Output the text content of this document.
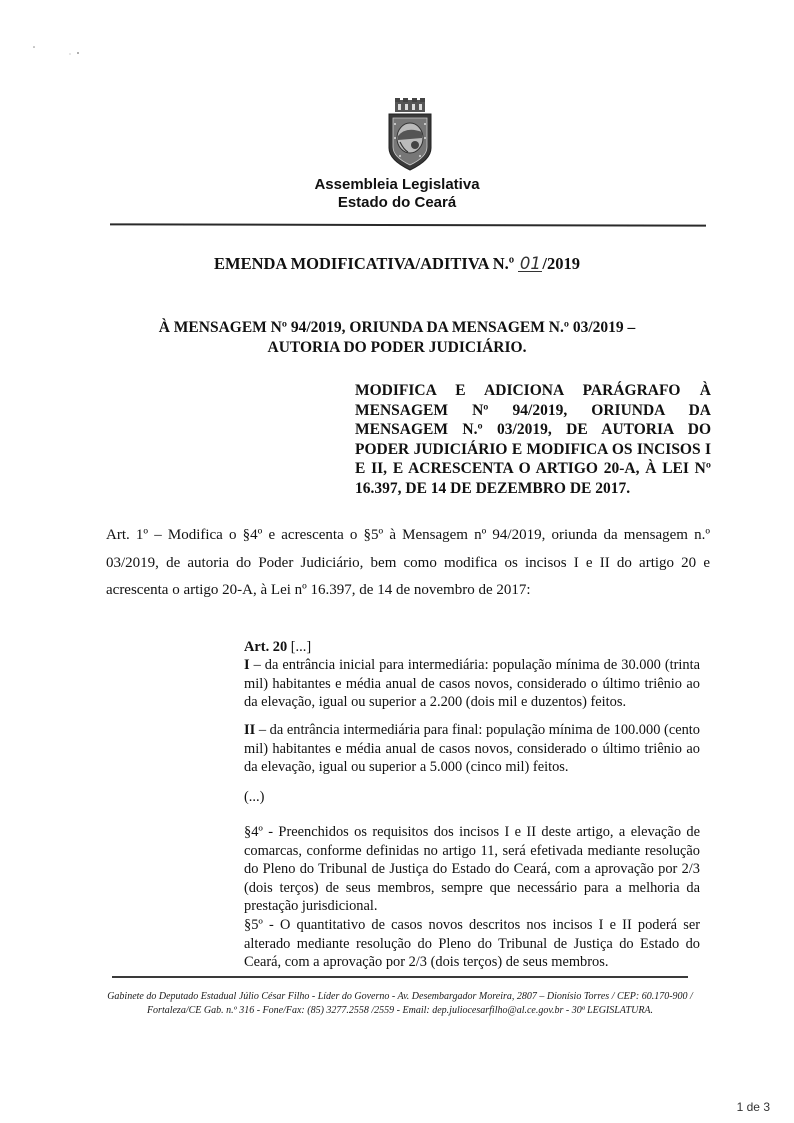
Assembleia Legislativa
Estado do Ceará
EMENDA MODIFICATIVA/ADITIVA N.º 01/2019
À MENSAGEM Nº 94/2019, ORIUNDA DA MENSAGEM N.º 03/2019 –
AUTORIA DO PODER JUDICIÁRIO.
MODIFICA E ADICIONA PARÁGRAFO À MENSAGEM Nº 94/2019, ORIUNDA DA MENSAGEM N.º 03/2019, DE AUTORIA DO PODER JUDICIÁRIO E MODIFICA OS INCISOS I E II, E ACRESCENTA O ARTIGO 20-A, À LEI Nº 16.397, DE 14 DE DEZEMBRO DE 2017.
Art. 1º – Modifica o §4º e acrescenta o §5º à Mensagem nº 94/2019, oriunda da mensagem n.º 03/2019, de autoria do Poder Judiciário, bem como modifica os incisos I e II do artigo 20 e acrescenta o artigo 20-A, à Lei nº 16.397, de 14 de novembro de 2017:
Art. 20 [...]
I – da entrância inicial para intermediária: população mínima de 30.000 (trinta mil) habitantes e média anual de casos novos, considerado o último triênio ao da elevação, igual ou superior a 2.200 (dois mil e duzentos) feitos.
II – da entrância intermediária para final: população mínima de 100.000 (cento mil) habitantes e média anual de casos novos, considerado o último triênio ao da elevação, igual ou superior a 5.000 (cinco mil) feitos.
(...)
§4º - Preenchidos os requisitos dos incisos I e II deste artigo, a elevação de comarcas, conforme definidas no artigo 11, será efetivada mediante resolução do Pleno do Tribunal de Justiça do Estado do Ceará, com a aprovação por 2/3 (dois terços) de seus membros, sempre que necessário para a melhoria da prestação jurisdicional.
§5º - O quantitativo de casos novos descritos nos incisos I e II poderá ser alterado mediante resolução do Pleno do Tribunal de Justiça do Estado do Ceará, com a aprovação por 2/3 (dois terços) de seus membros.
Gabinete do Deputado Estadual Júlio César Filho - Líder do Governo - Av. Desembargador Moreira, 2807 – Dionísio Torres / CEP: 60.170-900 /
Fortaleza/CE Gab. n.º 316 - Fone/Fax: (85) 3277.2558 /2559 - Email: dep.juliocesarfilho@al.ce.gov.br - 30ª LEGISLATURA.
1 de 3
